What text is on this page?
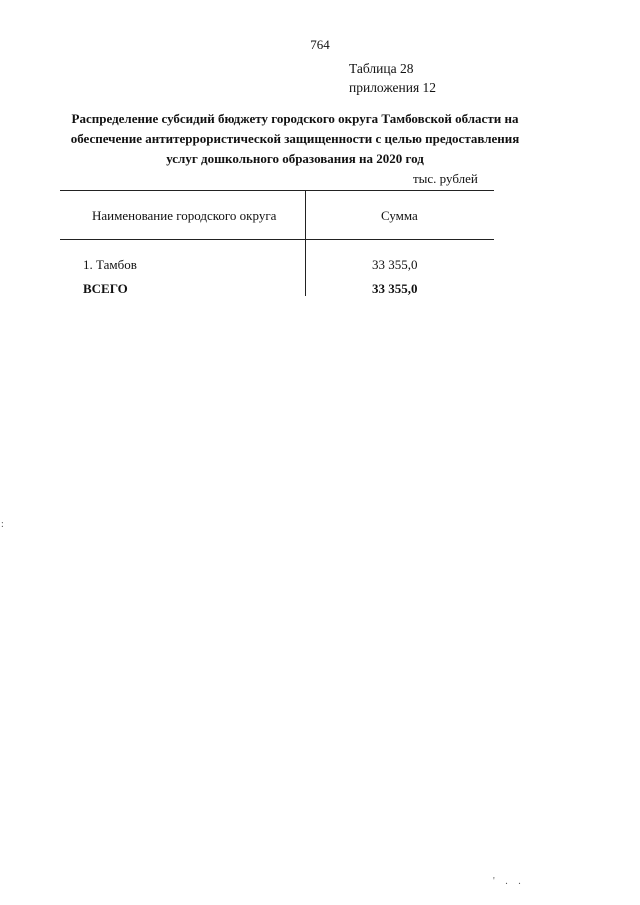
764
Таблица 28
приложения 12
Распределение субсидий бюджету городского округа Тамбовской области на обеспечение антитеррористической защищенности с целью предоставления услуг дошкольного образования на 2020 год
тыс. рублей
Наименование городского округа	Сумма
1. Тамбов	33 355,0
ВСЕГО	33 355,0
:
' . .
